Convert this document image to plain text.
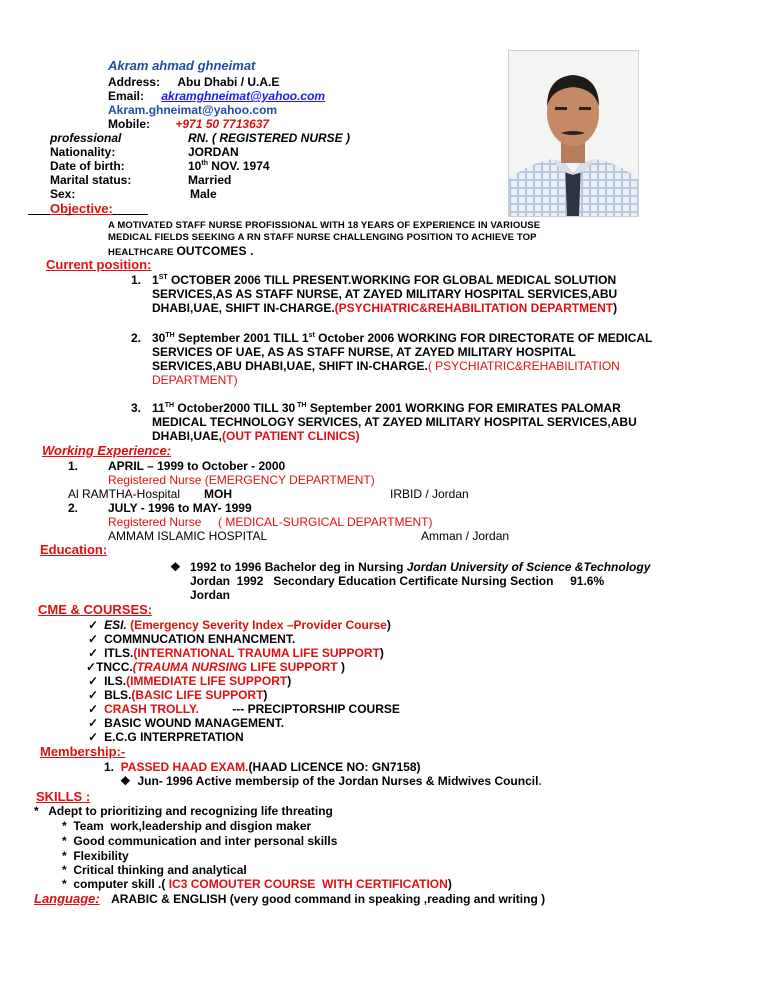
Akram ahmad ghneimat
Address: Abu Dhabi / U.A.E
Email: akramghneimat@yahoo.com
Akram.ghneimat@yahoo.com
Mobile: +971 50 7713637
professional	RN. ( REGISTERED NURSE )
Nationality:	JORDAN
Date of birth:	10th NOV. 1974
Marital status:	Married
Sex:	Male
Objective:
A MOTIVATED STAFF NURSE PROFISSIONAL WITH 18 YEARS OF EXPERIENCE IN VARIOUSE
MEDICAL FIELDS SEEKING A RN STAFF NURSE CHALLENGING POSITION TO ACHIEVE TOP
HEALTHCARE OUTCOMES .
Current position:
1. 1ST OCTOBER 2006 TILL PRESENT.WORKING FOR GLOBAL MEDICAL SOLUTION
SERVICES,AS AS STAFF NURSE, AT ZAYED MILITARY HOSPITAL SERVICES,ABU
DHABI,UAE, SHIFT IN-CHARGE.(PSYCHIATRIC&REHABILITATION DEPARTMENT)
2. 30TH September 2001 TILL 1st October 2006 WORKING FOR DIRECTORATE OF MEDICAL
SERVICES OF UAE, AS AS STAFF NURSE, AT ZAYED MILITARY HOSPITAL
SERVICES,ABU DHABI,UAE, SHIFT IN-CHARGE.( PSYCHIATRIC&REHABILITATION
DEPARTMENT)
3. 11TH October2000 TILL 30 $^{TH}$ September 2001 WORKING FOR EMIRATES PALOMAR
MEDICAL TECHNOLOGY SERVICES, AT ZAYED MILITARY HOSPITAL SERVICES,ABU
DHABI,UAE,(OUT PATIENT CLINICS)
Working Experience:
1. APRIL – 1999 to October - 2000
Registered Nurse (EMERGENCY DEPARTMENT)
Al RAMTHA-Hospital MOH	IRBID / Jordan
2. JULY - 1996 to MAY- 1999
Registered Nurse     ( MEDICAL-SURGICAL DEPARTMENT)
AMMAM ISLAMIC HOSPITAL	Amman / Jordan
Education:
❖ 1992 to 1996 Bachelor deg in Nursing Jordan University of Science &Technology
Jordan  1992   Secondary Education Certificate Nursing Section     91.6%
Jordan
CME & COURSES:
✓ ESI. (Emergency Severity Index –Provider Course)
✓ COMMNUCATION ENHANCMENT.
✓ ITLS.(INTERNATIONAL TRAUMA LIFE SUPPORT)
✓TNCC.(TRAUMA NURSING LIFE SUPPORT )
✓ ILS.(IMMEDIATE LIFE SUPPORT)
✓ BLS.(BASIC LIFE SUPPORT)
✓ CRASH TROLLY.          --- PRECIPTORSHIP COURSE
✓ BASIC WOUND MANAGEMENT.
✓ E.C.G INTERPRETATION
Membership:-
1. PASSED HAAD EXAM.(HAAD LICENCE NO: GN7158)
❖ Jun- 1996 Active membersip of the Jordan Nurses & Midwives Council.
SKILLS :
*   Adept to prioritizing and recognizing life threating
*  Team  work,leadership and disgion maker
*  Good communication and inter personal skills
*  Flexibility
*  Critical thinking and analytical
*  computer skill .( IC3 COMOUTER COURSE  WITH CERTIFICATION)
Language: ARABIC & ENGLISH (very good command in speaking ,reading and writing )
